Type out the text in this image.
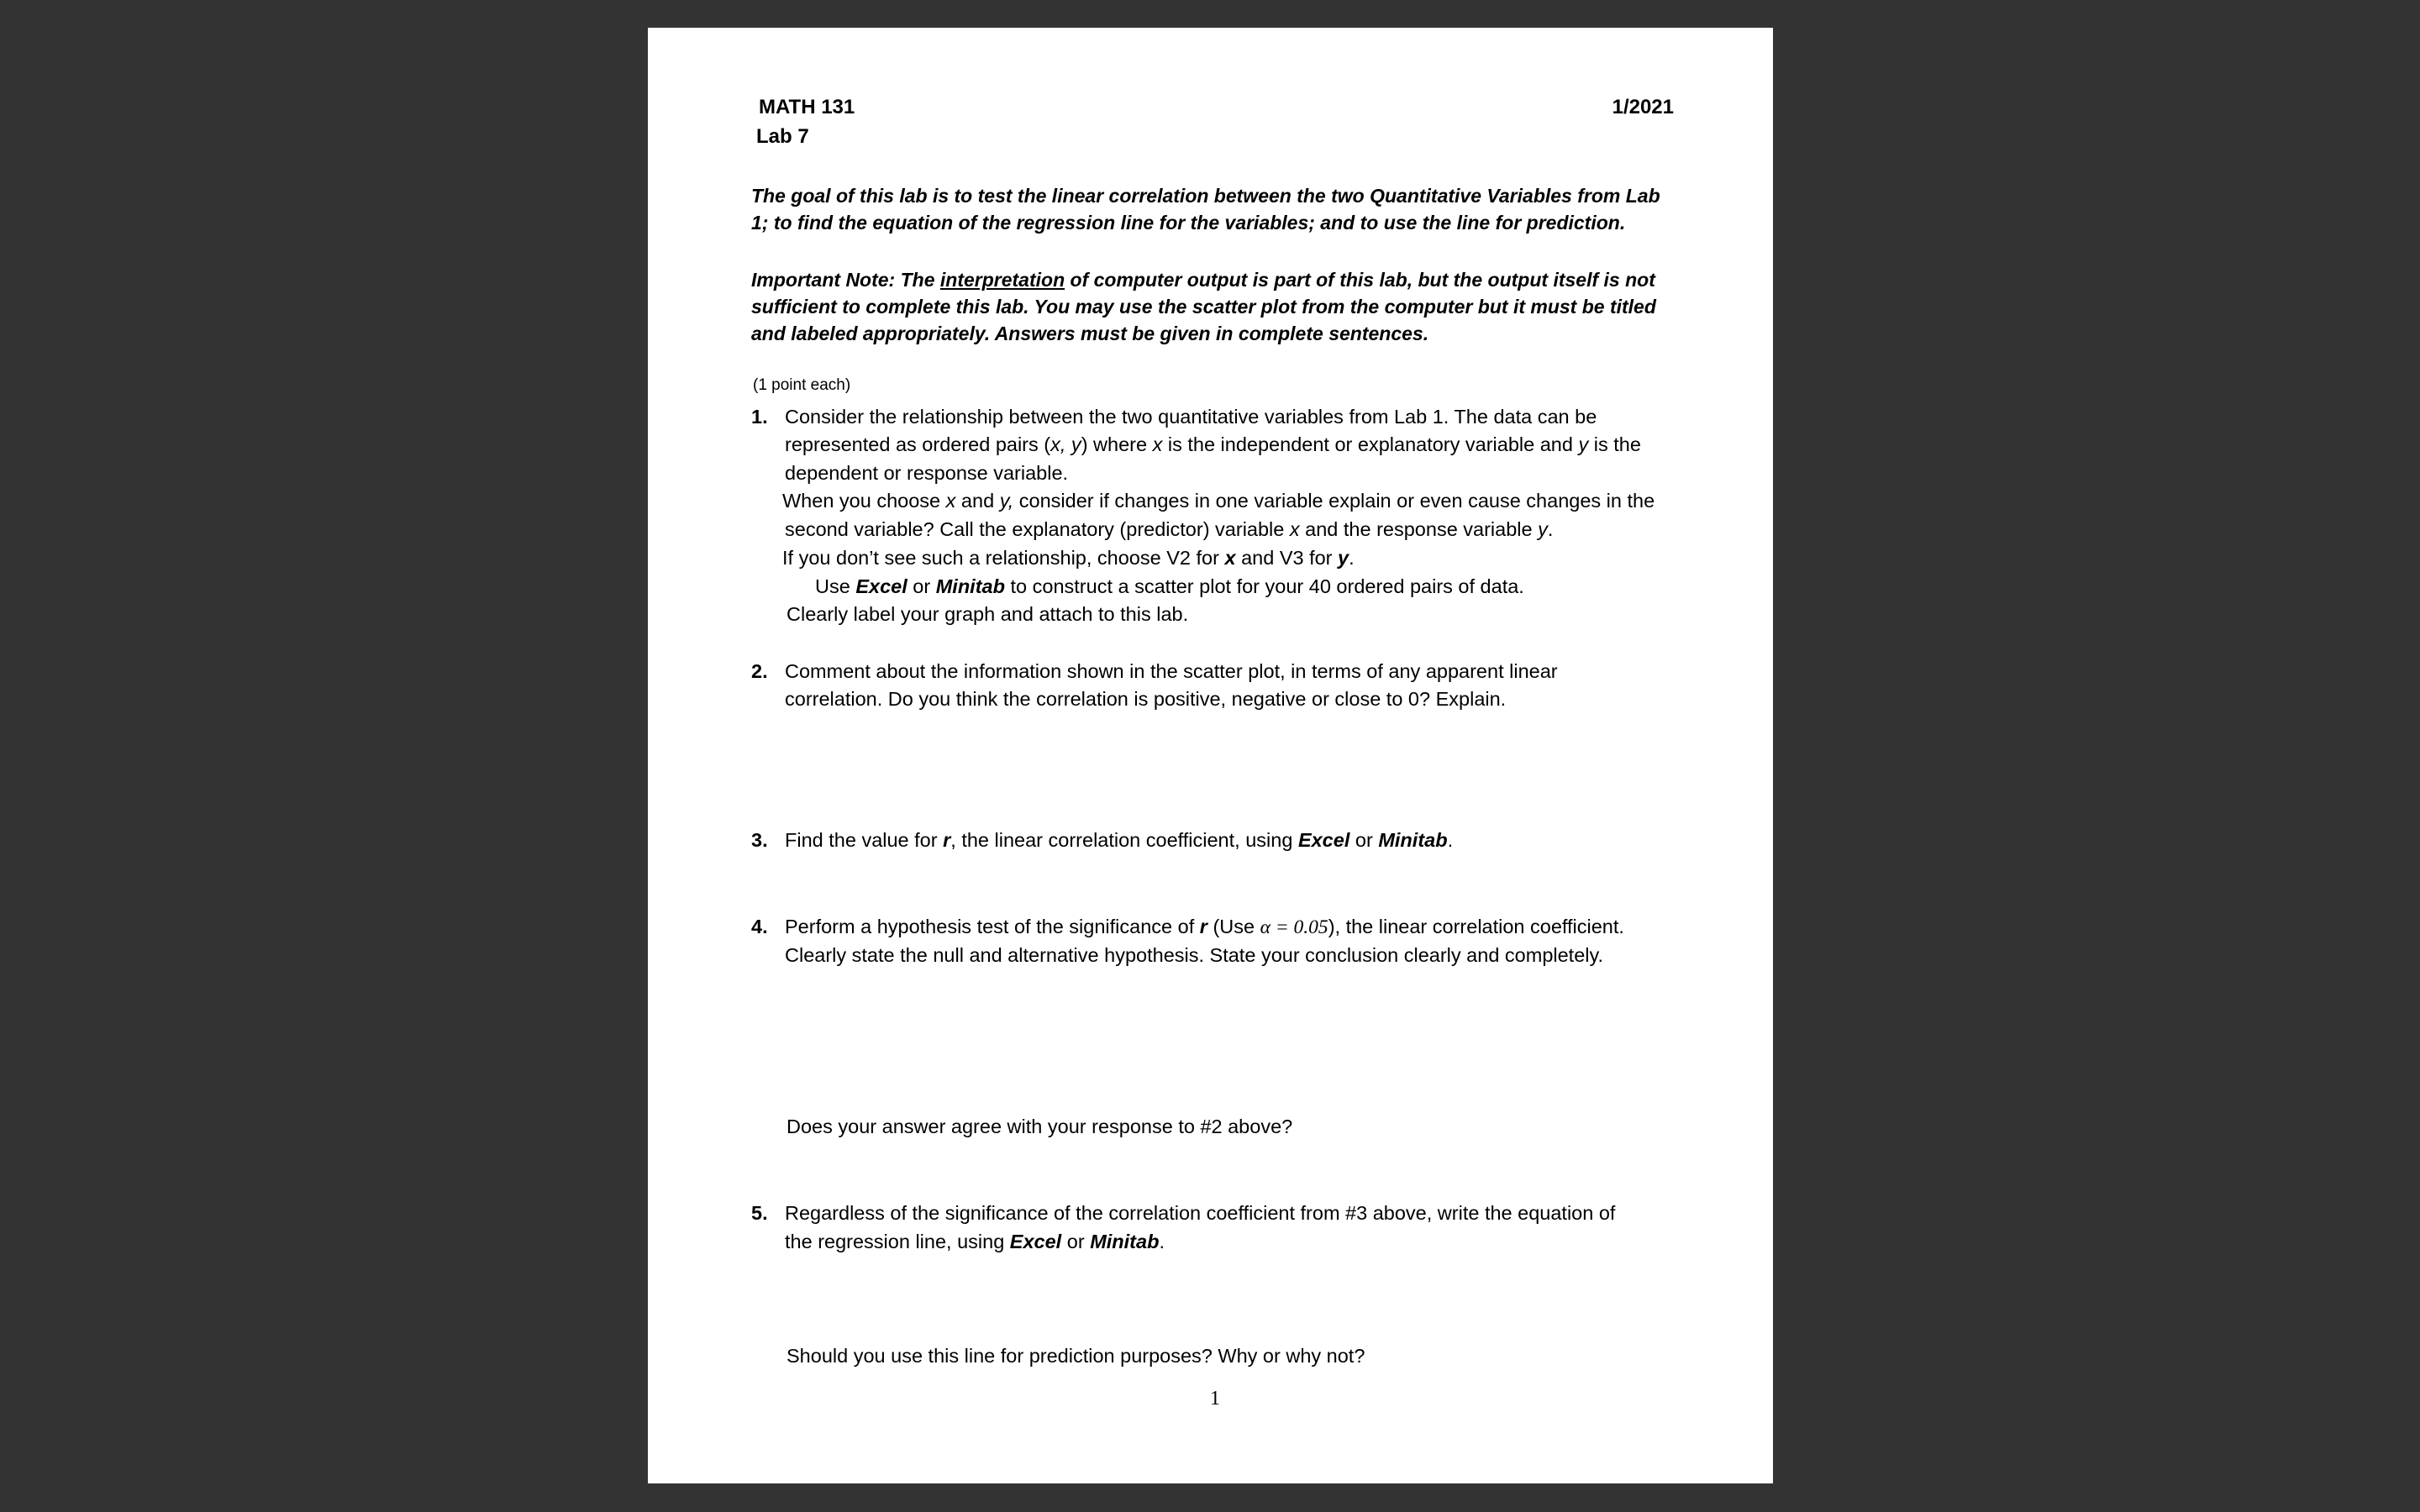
MATH 131
Lab 7
1/2021
The goal of this lab is to test the linear correlation between the two Quantitative Variables from Lab
1; to find the equation of the regression line for the variables; and to use the line for prediction.
Important Note: The interpretation of computer output is part of this lab, but the output itself is not
sufficient to complete this lab. You may use the scatter plot from the computer but it must be titled
and labeled appropriately. Answers must be given in complete sentences.
(1 point each)
1. Consider the relationship between the two quantitative variables from Lab 1. The data can be
represented as ordered pairs (x, y) where x is the independent or explanatory variable and y is the
dependent or response variable.
When you choose x and y, consider if changes in one variable explain or even cause changes in the
second variable? Call the explanatory (predictor) variable x and the response variable y.
If you don’t see such a relationship, choose V2 for x and V3 for y.
Use Excel or Minitab to construct a scatter plot for your 40 ordered pairs of data.
Clearly label your graph and attach to this lab.
2. Comment about the information shown in the scatter plot, in terms of any apparent linear
correlation. Do you think the correlation is positive, negative or close to 0? Explain.
3. Find the value for r, the linear correlation coefficient, using Excel or Minitab.
4. Perform a hypothesis test of the significance of r (Use α = 0.05), the linear correlation coefficient.
Clearly state the null and alternative hypothesis. State your conclusion clearly and completely.
Does your answer agree with your response to #2 above?
5. Regardless of the significance of the correlation coefficient from #3 above, write the equation of
the regression line, using Excel or Minitab.
Should you use this line for prediction purposes? Why or why not?
1
